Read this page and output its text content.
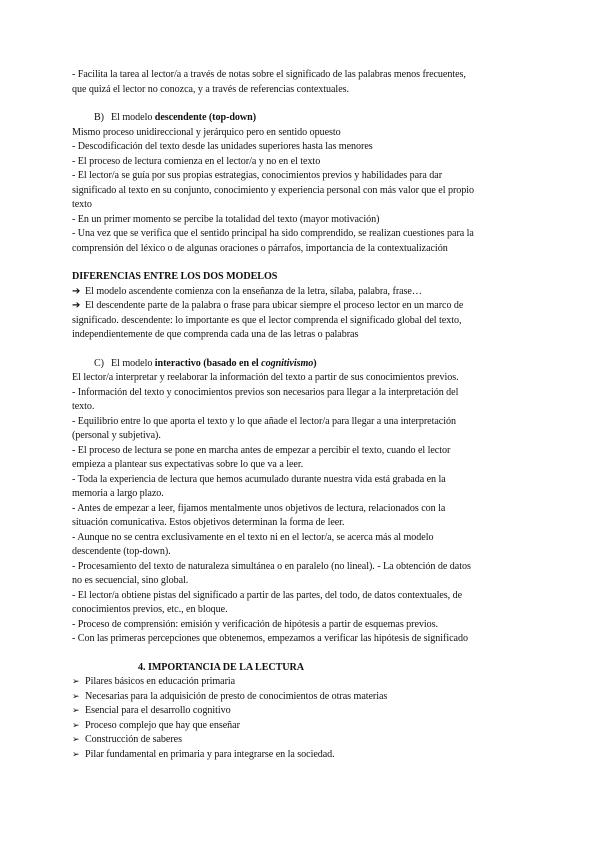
- Facilita la tarea al lector/a a través de notas sobre el significado de las palabras menos frecuentes,

que quizá el lector no conozca, y a través de referencias contextuales.

B) El modelo descendente (top-down)

Mismo proceso unidireccional y jerárquico pero en sentido opuesto

- Descodificación del texto desde las unidades superiores hasta las menores

- El proceso de lectura comienza en el lector/a y no en el texto

- El lector/a se guía por sus propias estrategias, conocimientos previos y habilidades para dar

significado al texto en su conjunto, conocimiento y experiencia personal con más valor que el propio

texto

- En un primer momento se percibe la totalidad del texto (mayor motivación)

- Una vez que se verifica que el sentido principal ha sido comprendido, se realizan cuestiones para la

comprensión del léxico o de algunas oraciones o párrafos, importancia de la contextualización

DIFERENCIAS ENTRE LOS DOS MODELOS

➔ El modelo ascendente comienza con la enseñanza de la letra, sílaba, palabra, frase…

➔ El descendente parte de la palabra o frase para ubicar siempre el proceso lector en un marco de

significado. descendente: lo importante es que el lector comprenda el significado global del texto,

independientemente de que comprenda cada una de las letras o palabras

C) El modelo interactivo (basado en el cognitivismo)

El lector/a interpretar y reelaborar la información del texto a partir de sus conocimientos previos.

- Información del texto y conocimientos previos son necesarios para llegar a la interpretación del

texto.

- Equilibrio entre lo que aporta el texto y lo que añade el lector/a para llegar a una interpretación

(personal y subjetiva).

- El proceso de lectura se pone en marcha antes de empezar a percibir el texto, cuando el lector

empieza a plantear sus expectativas sobre lo que va a leer.

- Toda la experiencia de lectura que hemos acumulado durante nuestra vida está grabada en la

memoria a largo plazo.

- Antes de empezar a leer, fijamos mentalmente unos objetivos de lectura, relacionados con la

situación comunicativa. Estos objetivos determinan la forma de leer.

- Aunque no se centra exclusivamente en el texto ni en el lector/a, se acerca más al modelo

descendente (top-down).

- Procesamiento del texto de naturaleza simultánea o en paralelo (no lineal). - La obtención de datos

no es secuencial, sino global.

- El lector/a obtiene pistas del significado a partir de las partes, del todo, de datos contextuales, de

conocimientos previos, etc., en bloque.

- Proceso de comprensión: emisión y verificación de hipótesis a partir de esquemas previos.

- Con las primeras percepciones que obtenemos, empezamos a verificar las hipótesis de significado

4. IMPORTANCIA DE LA LECTURA

➢ Pilares básicos en educación primaria

➢ Necesarias para la adquisición de presto de conocimientos de otras materias

➢ Esencial para el desarrollo cognitivo

➢ Proceso complejo que hay que enseñar

➢ Construcción de saberes

➢ Pilar fundamental en primaria y para integrarse en la sociedad.
